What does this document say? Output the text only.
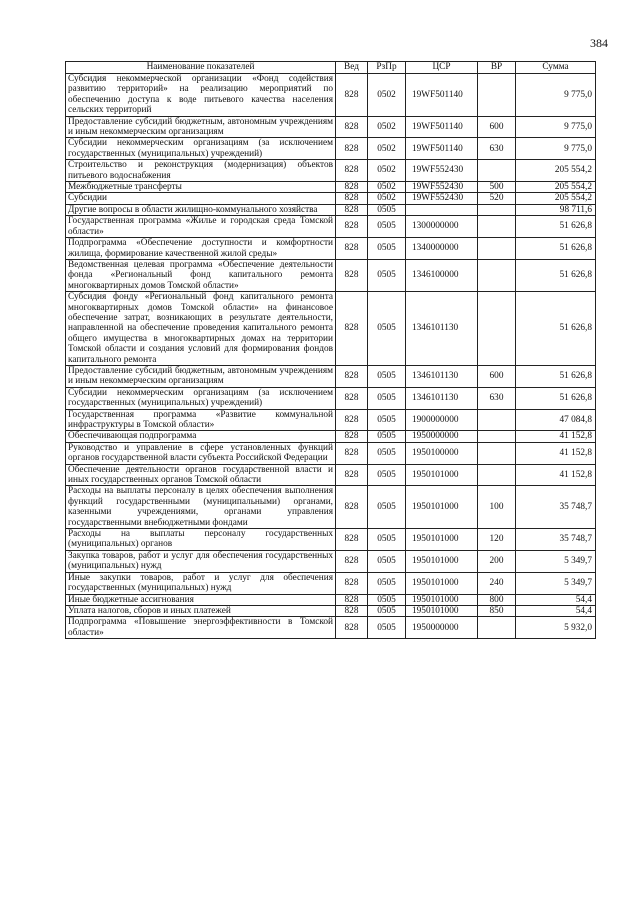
384
Наименование показателей	Вед	РзПр	ЦСР	ВР	Сумма
Субсидия некоммерческой организации «Фонд содействия развитию территорий» на реализацию мероприятий по обеспечению доступа к воде питьевого качества населения сельских территорий	828	0502	19WF501140		9 775,0
Предоставление субсидий бюджетным, автономным учреждениям и иным некоммерческим организациям	828	0502	19WF501140	600	9 775,0
Субсидии некоммерческим организациям (за исключением государственных (муниципальных) учреждений)	828	0502	19WF501140	630	9 775,0
Строительство и реконструкция (модернизация) объектов питьевого водоснабжения	828	0502	19WF552430		205 554,2
Межбюджетные трансферты	828	0502	19WF552430	500	205 554,2
Субсидии	828	0502	19WF552430	520	205 554,2
Другие вопросы в области жилищно-коммунального хозяйства	828	0505			98 711,6
Государственная программа «Жилье и городская среда Томской области»	828	0505	1300000000		51 626,8
Подпрограмма «Обеспечение доступности и комфортности жилища, формирование качественной жилой среды»	828	0505	1340000000		51 626,8
Ведомственная целевая программа «Обеспечение деятельности фонда «Региональный фонд капитального ремонта многоквартирных домов Томской области»	828	0505	1346100000		51 626,8
Субсидия фонду «Региональный фонд капитального ремонта многоквартирных домов Томской области» на финансовое обеспечение затрат, возникающих в результате деятельности, направленной на обеспечение проведения капитального ремонта общего имущества в многоквартирных домах на территории Томской области и создания условий для формирования фондов капитального ремонта	828	0505	1346101130		51 626,8
Предоставление субсидий бюджетным, автономным учреждениям и иным некоммерческим организациям	828	0505	1346101130	600	51 626,8
Субсидии некоммерческим организациям (за исключением государственных (муниципальных) учреждений)	828	0505	1346101130	630	51 626,8
Государственная программа «Развитие коммунальной инфраструктуры в Томской области»	828	0505	1900000000		47 084,8
Обеспечивающая подпрограмма	828	0505	1950000000		41 152,8
Руководство и управление в сфере установленных функций органов государственной власти субъекта Российской Федерации	828	0505	1950100000		41 152,8
Обеспечение деятельности органов государственной власти и иных государственных органов Томской области	828	0505	1950101000		41 152,8
Расходы на выплаты персоналу в целях обеспечения выполнения функций государственными (муниципальными) органами, казенными учреждениями, органами управления государственными внебюджетными фондами	828	0505	1950101000	100	35 748,7
Расходы на выплаты персоналу государственных (муниципальных) органов	828	0505	1950101000	120	35 748,7
Закупка товаров, работ и услуг для обеспечения государственных (муниципальных) нужд	828	0505	1950101000	200	5 349,7
Иные закупки товаров, работ и услуг для обеспечения государственных (муниципальных) нужд	828	0505	1950101000	240	5 349,7
Иные бюджетные ассигнования	828	0505	1950101000	800	54,4
Уплата налогов, сборов и иных платежей	828	0505	1950101000	850	54,4
Подпрограмма «Повышение энергоэффективности в Томской области»	828	0505	1950000000		5 932,0
